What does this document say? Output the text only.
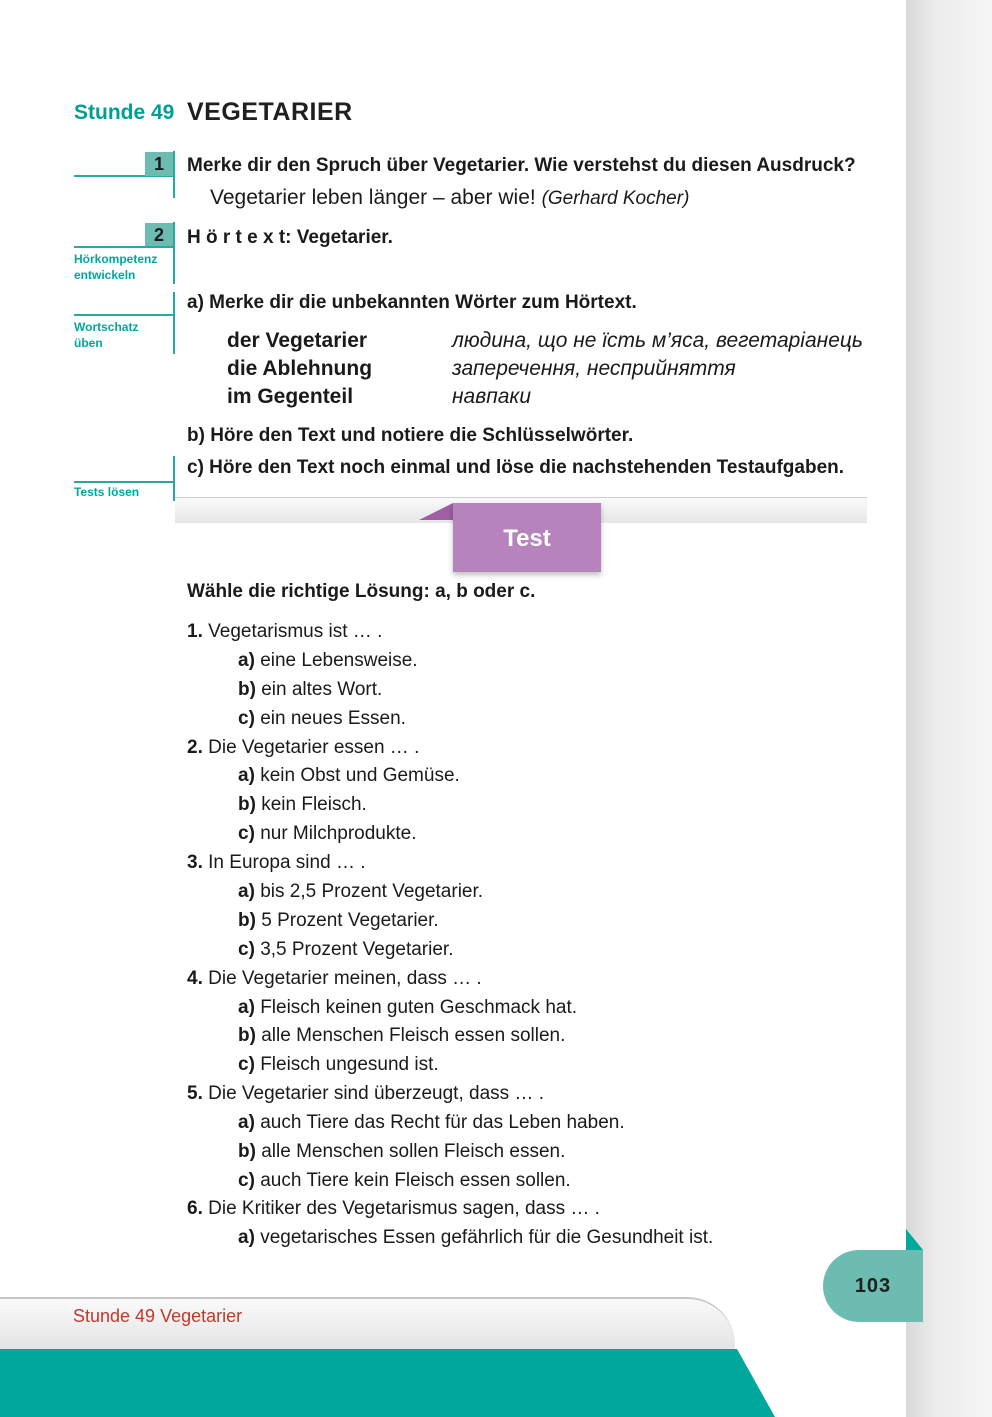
Stunde 49 VEGETARIER
1
2
Hörkompetenz
entwickeln
Wortschatz
üben
Tests lösen
Merke dir den Spruch über Vegetarier. Wie verstehst du diesen Ausdruck?
Vegetarier leben länger – aber wie! (Gerhard Kocher)
H ö r t e x t: Vegetarier.
a) Merke dir die unbekannten Wörter zum Hörtext.
der Vegetarier	людина, що не їсть м’яса, вегетаріанець
die Ablehnung	заперечення, несприйняття
im Gegenteil	навпаки
b) Höre den Text und notiere die Schlüsselwörter.
c) Höre den Text noch einmal und löse die nachstehenden Testaufgaben.
Test
Wähle die richtige Lösung: a, b oder c.
1. Vegetarismus ist … .
a) eine Lebensweise.
b) ein altes Wort.
c) ein neues Essen.
2. Die Vegetarier essen … .
a) kein Obst und Gemüse.
b) kein Fleisch.
c) nur Milchprodukte.
3. In Europa sind … .
a) bis 2,5 Prozent Vegetarier.
b) 5 Prozent Vegetarier.
c) 3,5 Prozent Vegetarier.
4. Die Vegetarier meinen, dass … .
a) Fleisch keinen guten Geschmack hat.
b) alle Menschen Fleisch essen sollen.
c) Fleisch ungesund ist.
5. Die Vegetarier sind überzeugt, dass … .
a) auch Tiere das Recht für das Leben haben.
b) alle Menschen sollen Fleisch essen.
c) auch Tiere kein Fleisch essen sollen.
6. Die Kritiker des Vegetarismus sagen, dass … .
a) vegetarisches Essen gefährlich für die Gesundheit ist.
103
Stunde 49 Vegetarier
